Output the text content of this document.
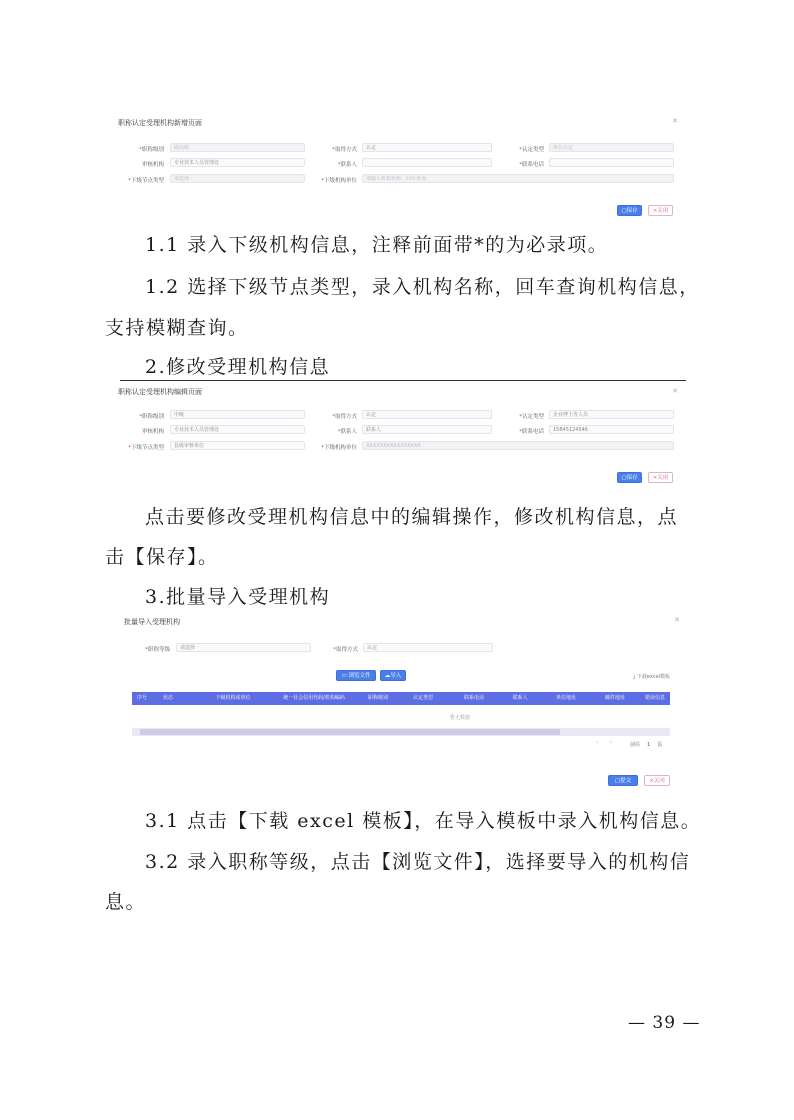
职称认定受理机构新增页面	✕
*职称级别	副高级	*取得方式	认定	*认定类型	单位认定
审核机构	专业技术人员管理处	*联系人	*联系电话
*下级节点类型	请选择	*下级机构单位	请输入机构名称，回车查询
▢保存	×关闭
1.1 录入下级机构信息，注释前面带*的为必录项。
1.2 选择下级节点类型，录入机构名称，回车查询机构信息，
支持模糊查询。
2.修改受理机构信息
职称认定受理机构编辑页面	✕
*职称级别	中级	*取得方式	认定	*认定类型	企业博士等人员
审核机构	专业技术人员管理处	*联系人	联系人	*联系电话	15845124546
*下级节点类型	县级审核单位	*下级机构单位	XXXXXXXXXXXXXXXX
▢保存	×关闭
点击要修改受理机构信息中的编辑操作，修改机构信息，点
击【保存】。
3.批量导入受理机构
批量导入受理机构	✕
*职称等级	请选择	*取得方式	认定
▭ 浏览文件	☁导入	⤓ 下载excel模板
序号	状态	下级机构或单位	统一社会信用代码/机构编码	职称级别	认定类型	联系电话	联系人	单位地址	邮件地址	错误信息
暂无数据
‹ ›	前往 1 页
▢提交	×关闭
3.1 点击【下载 excel 模板】，在导入模板中录入机构信息。
3.2 录入职称等级，点击【浏览文件】，选择要导入的机构信
息。
— 39 —
